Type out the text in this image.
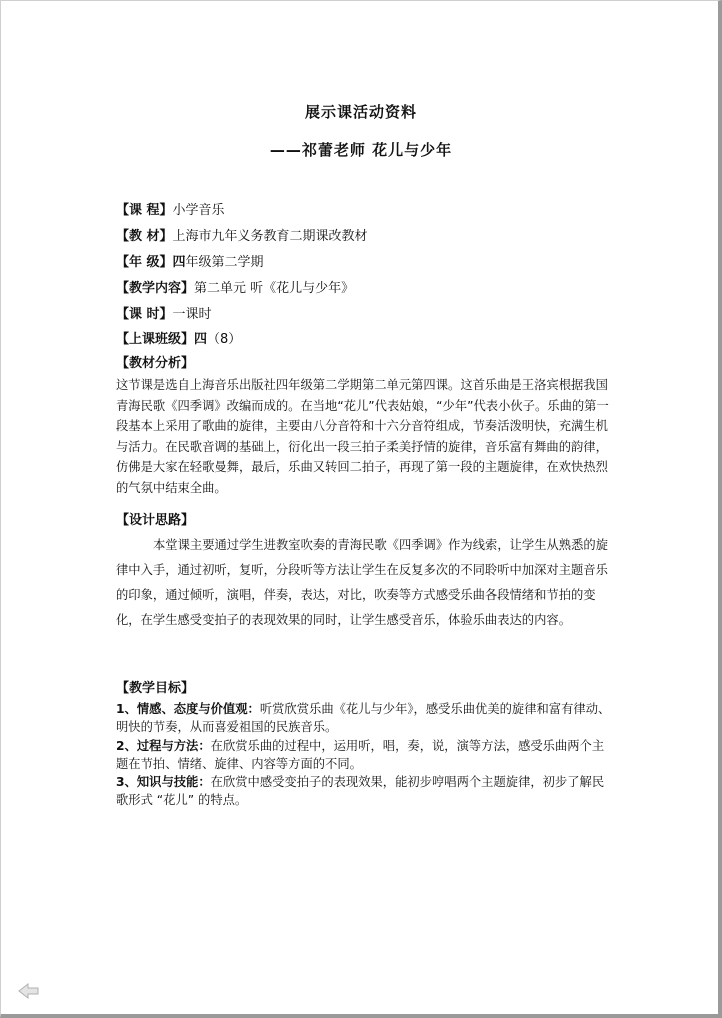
展示课活动资料
——祁蕾老师 花儿与少年
【课 程】小学音乐
【教 材】上海市九年义务教育二期课改教材
【年 级】四年级第二学期
【教学内容】第二单元 听《花儿与少年》
【课 时】一课时
【上课班级】四（8）
【教材分析】
这节课是选自上海音乐出版社四年级第二学期第二单元第四课。这首乐曲是王洛宾根据我国青海民歌《四季调》改编而成的。在当地“花儿”代表姑娘，“少年”代表小伙子。乐曲的第一段基本上采用了歌曲的旋律，主要由八分音符和十六分音符组成，节奏活泼明快，充满生机与活力。在民歌音调的基础上，衍化出一段三拍子柔美抒情的旋律，音乐富有舞曲的韵律，仿佛是大家在轻歌曼舞，最后，乐曲又转回二拍子，再现了第一段的主题旋律，在欢快热烈的气氛中结束全曲。
【设计思路】
本堂课主要通过学生进教室吹奏的青海民歌《四季调》作为线索，让学生从熟悉的旋律中入手，通过初听，复听，分段听等方法让学生在反复多次的不同聆听中加深对主题音乐的印象，通过倾听，演唱，伴奏，表达，对比，吹奏等方式感受乐曲各段情绪和节拍的变化，在学生感受变拍子的表现效果的同时，让学生感受音乐，体验乐曲表达的内容。
【教学目标】
1、情感、态度与价值观：听赏欣赏乐曲《花儿与少年》，感受乐曲优美的旋律和富有律动、明快的节奏，从而喜爱祖国的民族音乐。
2、过程与方法：在欣赏乐曲的过程中，运用听，唱，奏，说，演等方法，感受乐曲两个主题在节拍、情绪、旋律、内容等方面的不同。
3、知识与技能：在欣赏中感受变拍子的表现效果，能初步哼唱两个主题旋律，初步了解民歌形式 “花儿” 的特点。
